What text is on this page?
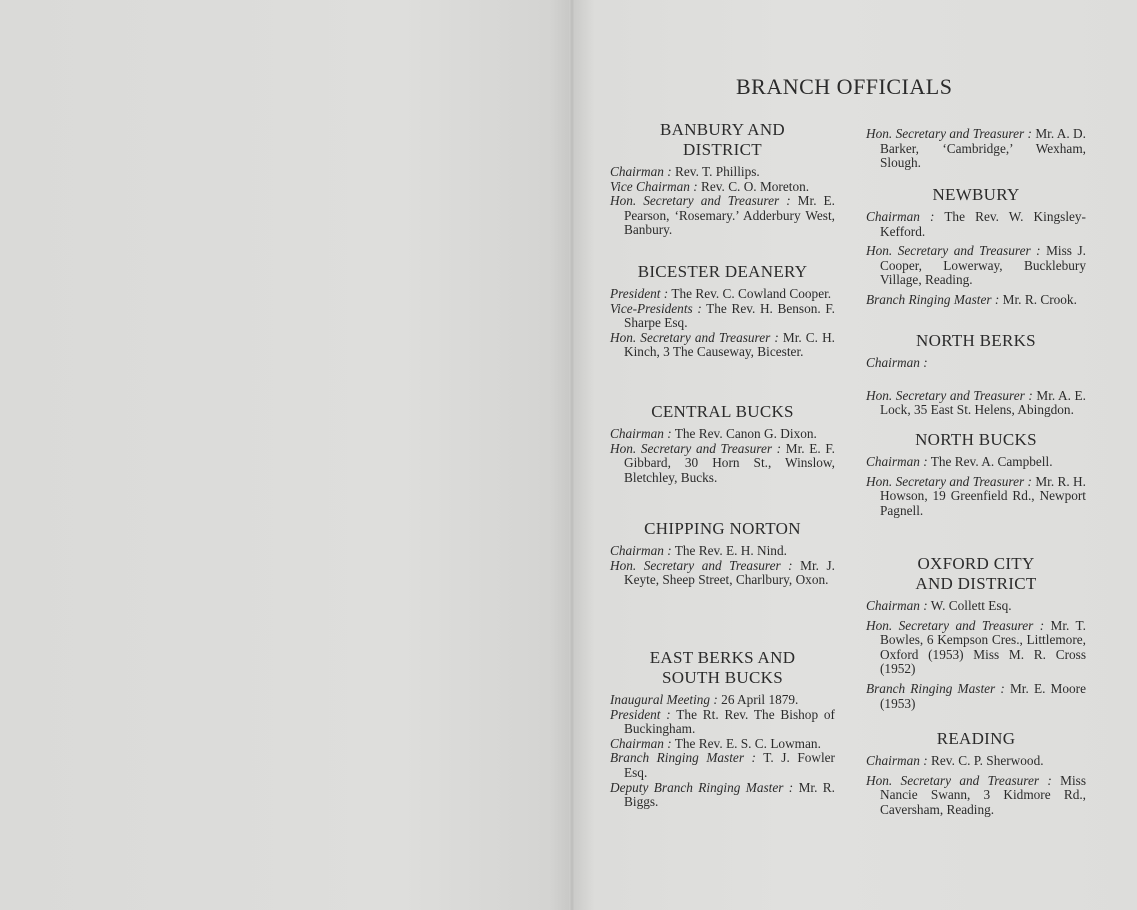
BRANCH OFFICIALS
BANBURY AND
DISTRICT
Chairman : Rev. T. Phillips.
Vice Chairman : Rev. C. O. Moreton.
Hon. Secretary and Treasurer : Mr. E. Pearson, ‘Rosemary.’ Adderbury West, Banbury.
BICESTER DEANERY
President : The Rev. C. Cowland Cooper.
Vice-Presidents : The Rev. H. Benson. F. Sharpe Esq.
Hon. Secretary and Treasurer : Mr. C. H. Kinch, 3 The Causeway, Bicester.
CENTRAL BUCKS
Chairman : The Rev. Canon G. Dixon.
Hon. Secretary and Treasurer : Mr. E. F. Gibbard, 30 Horn St., Winslow, Bletchley, Bucks.
CHIPPING NORTON
Chairman : The Rev. E. H. Nind.
Hon. Secretary and Treasurer : Mr. J. Keyte, Sheep Street, Charlbury, Oxon.
EAST BERKS AND
SOUTH BUCKS
Inaugural Meeting : 26 April 1879.
President : The Rt. Rev. The Bishop of Buckingham.
Chairman : The Rev. E. S. C. Lowman.
Branch Ringing Master : T. J. Fowler Esq.
Deputy Branch Ringing Master : Mr. R. Biggs.
Hon. Secretary and Treasurer : Mr. A. D. Barker, ‘Cambridge,’ Wexham, Slough.
NEWBURY
Chairman : The Rev. W. Kingsley-Kefford.
Hon. Secretary and Treasurer : Miss J. Cooper, Lowerway, Bucklebury Village, Reading.
Branch Ringing Master : Mr. R. Crook.
NORTH BERKS
Chairman :
Hon. Secretary and Treasurer : Mr. A. E. Lock, 35 East St. Helens, Abingdon.
NORTH BUCKS
Chairman : The Rev. A. Campbell.
Hon. Secretary and Treasurer : Mr. R. H. Howson, 19 Greenfield Rd., Newport Pagnell.
OXFORD CITY
AND DISTRICT
Chairman : W. Collett Esq.
Hon. Secretary and Treasurer : Mr. T. Bowles, 6 Kempson Cres., Littlemore, Oxford (1953) Miss M. R. Cross (1952)
Branch Ringing Master : Mr. E. Moore (1953)
READING
Chairman : Rev. C. P. Sherwood.
Hon. Secretary and Treasurer : Miss Nancie Swann, 3 Kidmore Rd., Caversham, Reading.
